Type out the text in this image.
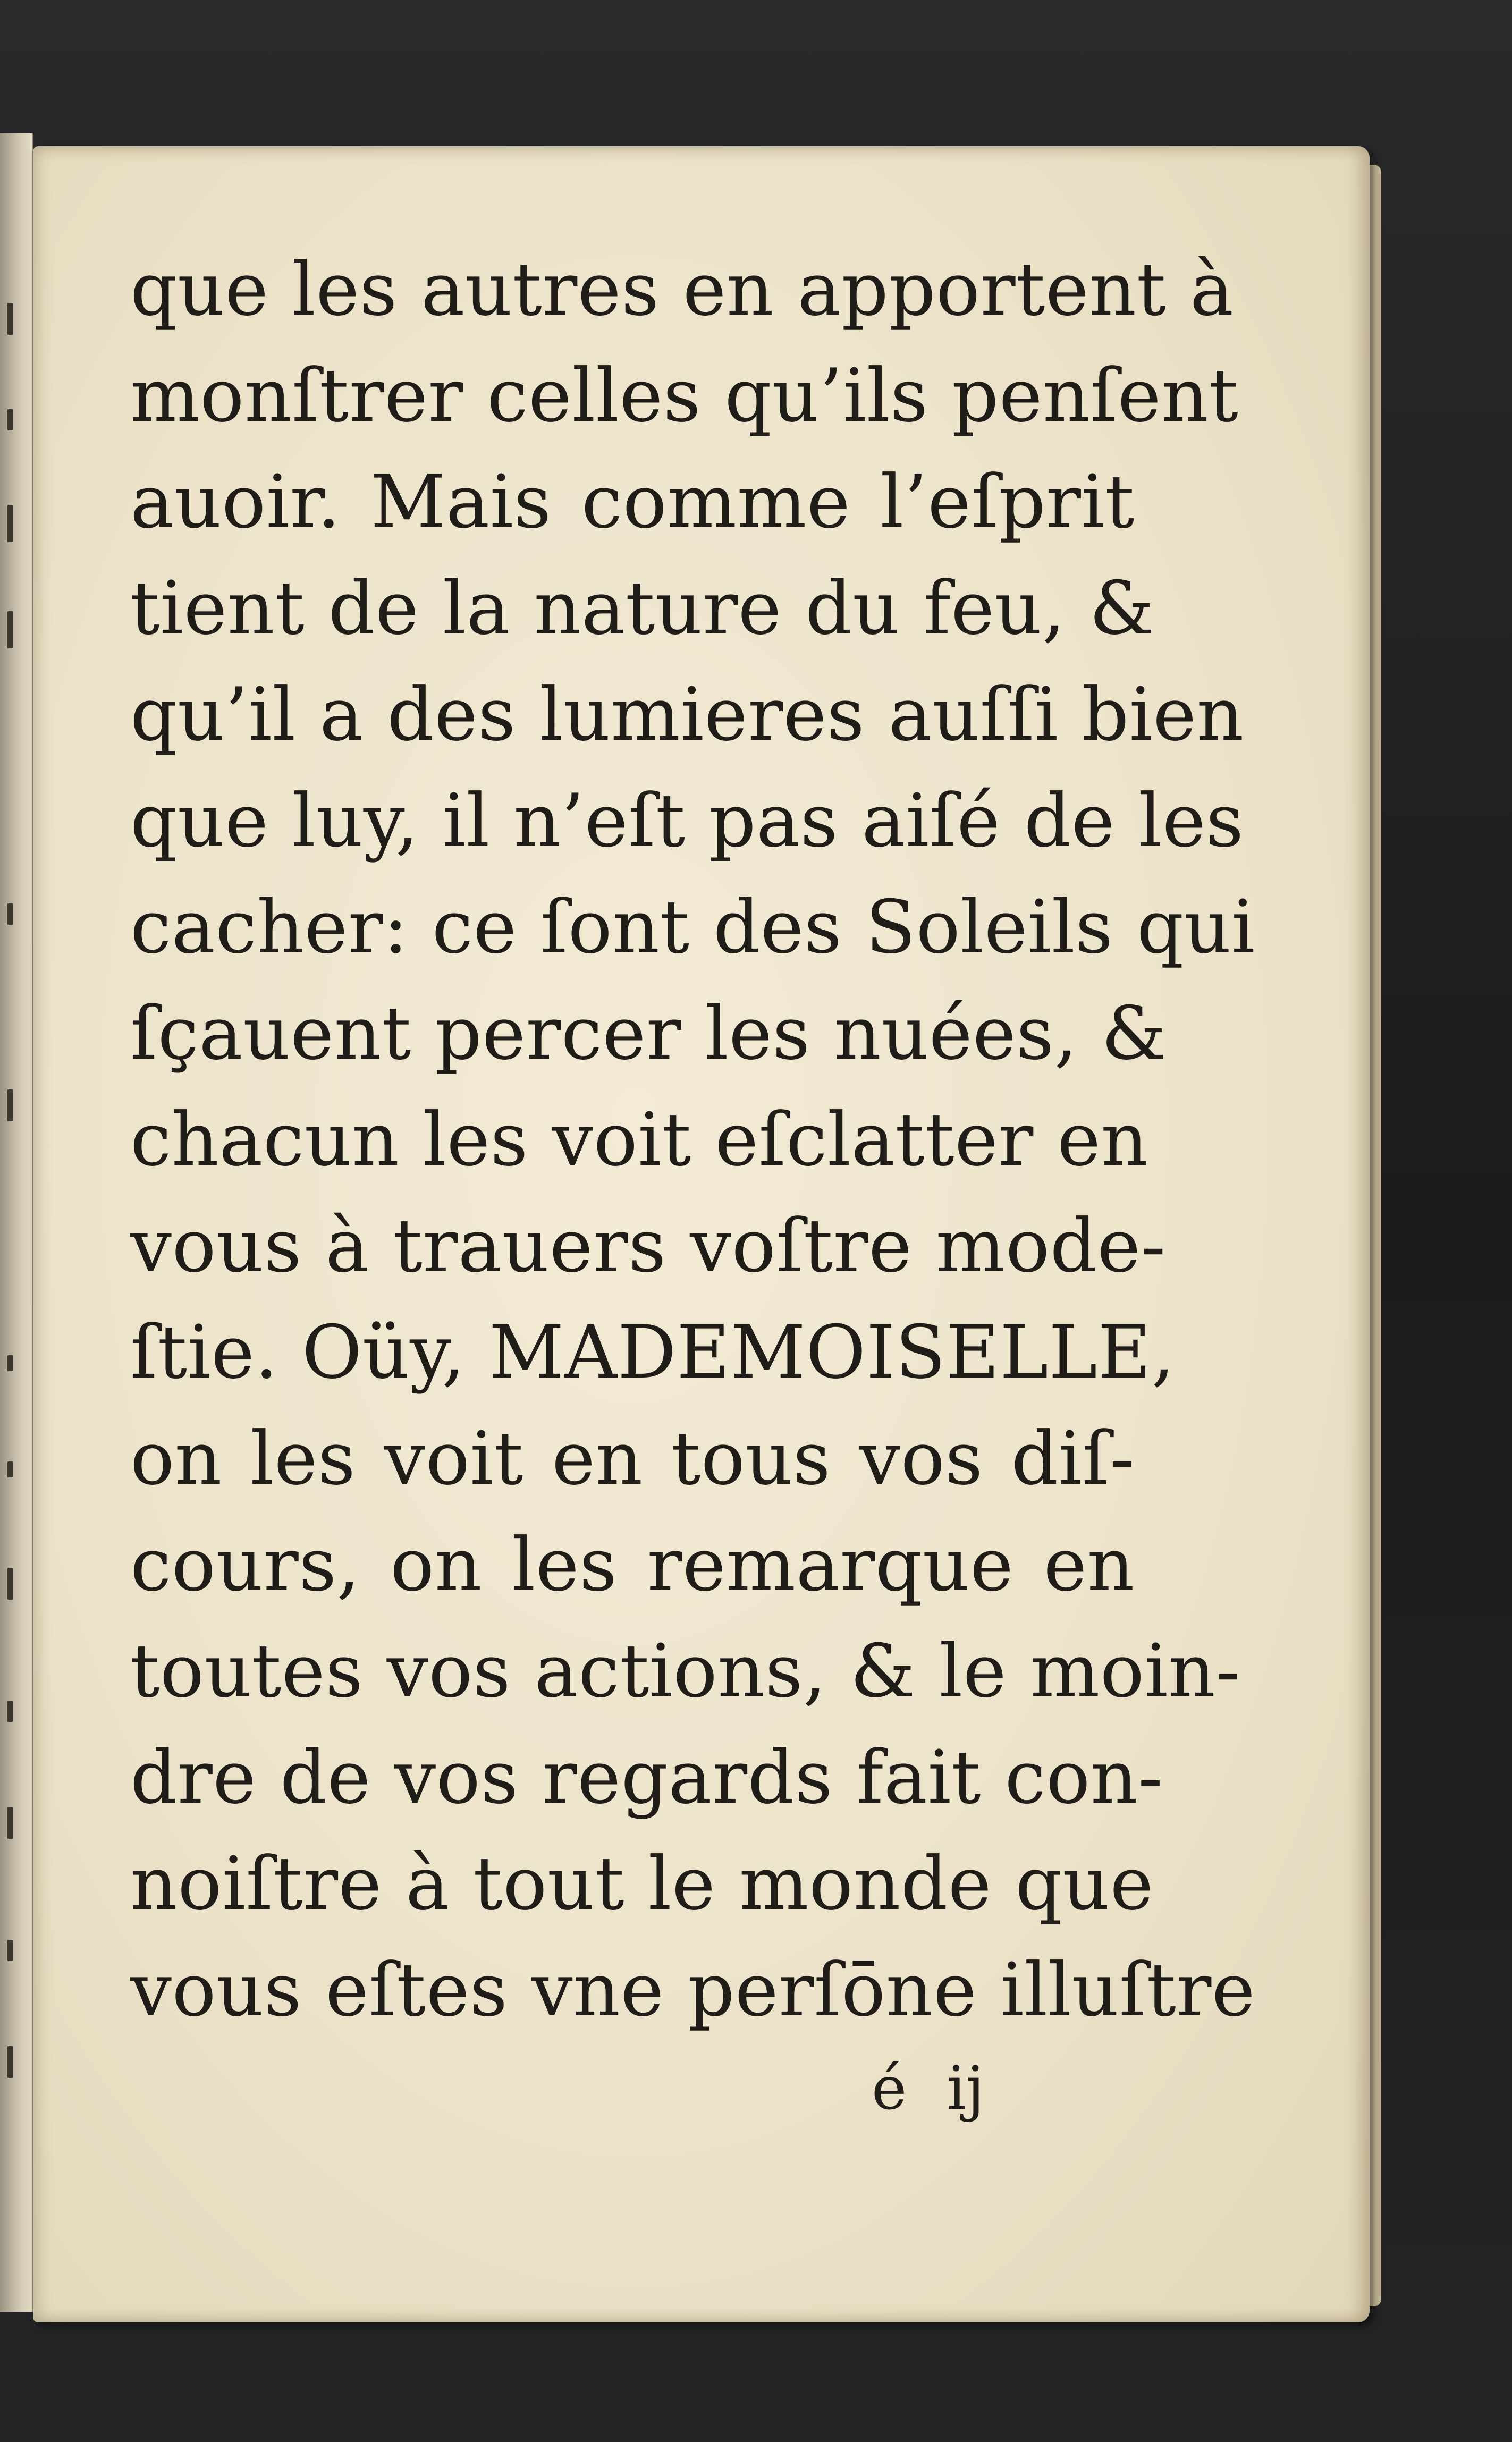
que les autres en apportent à
monſtrer celles qu’ils penſent
auoir. Mais comme l’eſprit
tient de la nature du feu, &
qu’il a des lumieres auſſi bien
que luy, il n’eſt pas aiſé de les
cacher: ce ſont des Soleils qui
ſçauent percer les nuées, &
chacun les voit eſclatter en
vous à trauers voſtre mode-
ſtie. Oüy, MADEMOISELLE,
on les voit en tous vos diſ-
cours, on les remarque en
toutes vos actions, & le moin-
dre de vos regards fait con-
noiſtre à tout le monde que
vous eſtes vne perſōne illuſtre
é ij
